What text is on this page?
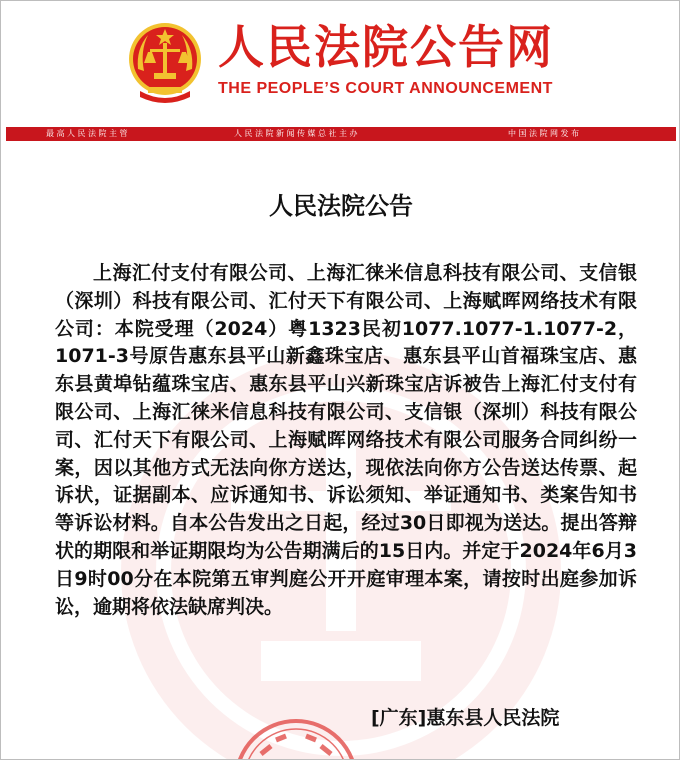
人民法院公告网
THE PEOPLE’S COURT ANNOUNCEMENT
最高人民法院主管	人民法院新闻传媒总社主办	中国法院网发布
人民法院公告

上海汇付支付有限公司、上海汇徕米信息科技有限公司、支信银（深圳）科技有限公司、汇付天下有限公司、上海赋晖网络技术有限公司：本院受理（2024）粤1323民初1077.1077-1.1077-2，1071-3号原告惠东县平山新鑫珠宝店、惠东县平山首福珠宝店、惠东县黄埠钻蕴珠宝店、惠东县平山兴新珠宝店诉被告上海汇付支付有限公司、上海汇徕米信息科技有限公司、支信银（深圳）科技有限公司、汇付天下有限公司、上海赋晖网络技术有限公司服务合同纠纷一案，因以其他方式无法向你方送达，现依法向你方公告送达传票、起诉状，证据副本、应诉通知书、诉讼须知、举证通知书、类案告知书等诉讼材料。自本公告发出之日起，经过30日即视为送达。提出答辩状的期限和举证期限均为公告期满后的15日内。并定于2024年6月3日9时00分在本院第五审判庭公开开庭审理本案，请按时出庭参加诉讼，逾期将依法缺席判决。

[广东]惠东县人民法院
